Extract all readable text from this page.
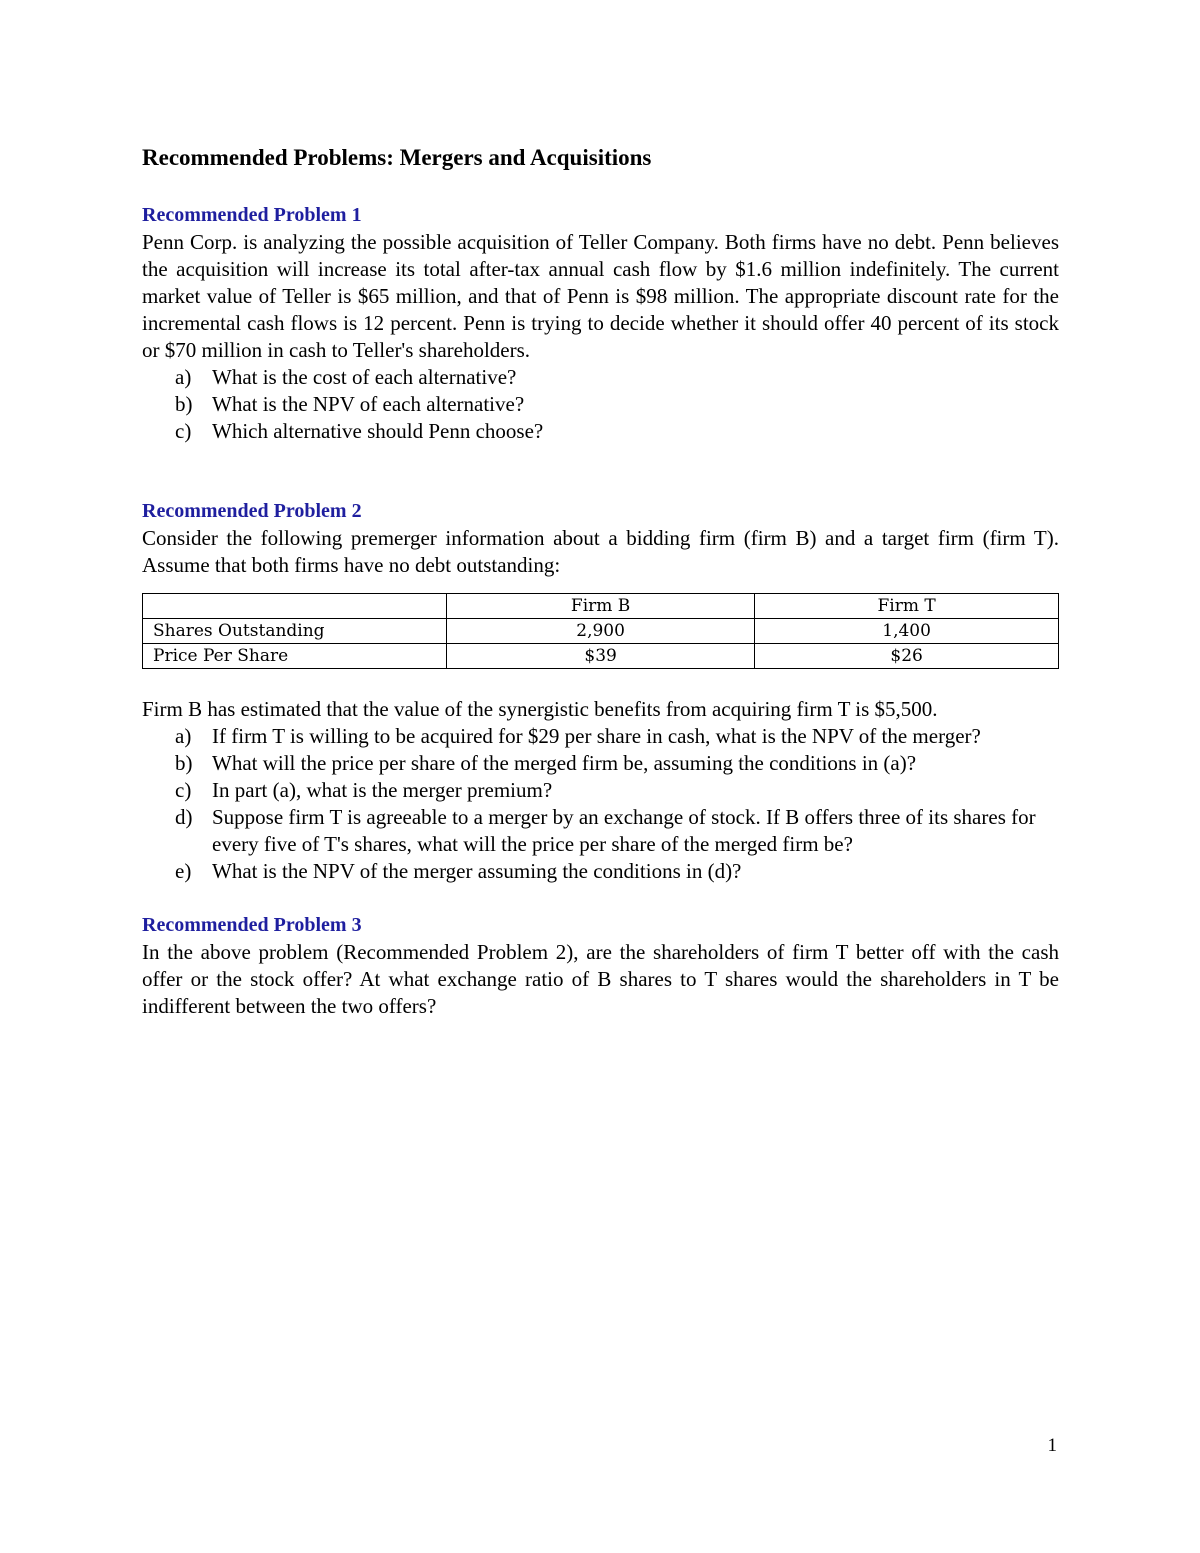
Recommended Problems: Mergers and Acquisitions
Recommended Problem 1

Penn Corp. is analyzing the possible acquisition of Teller Company. Both firms have no debt. Penn believes the acquisition will increase its total after-tax annual cash flow by $1.6 million indefinitely. The current market value of Teller is $65 million, and that of Penn is $98 million. The appropriate discount rate for the incremental cash flows is 12 percent. Penn is trying to decide whether it should offer 40 percent of its stock or $70 million in cash to Teller's shareholders.

a) What is the cost of each alternative?
b) What is the NPV of each alternative?
c) Which alternative should Penn choose?
Recommended Problem 2

Consider the following premerger information about a bidding firm (firm B) and a target firm (firm T). Assume that both firms have no debt outstanding:

	Firm B	Firm T
Shares Outstanding	2,900	1,400
Price Per Share	$39	$26

Firm B has estimated that the value of the synergistic benefits from acquiring firm T is $5,500.

a) If firm T is willing to be acquired for $29 per share in cash, what is the NPV of the merger?
b) What will the price per share of the merged firm be, assuming the conditions in (a)?
c) In part (a), what is the merger premium?
d) Suppose firm T is agreeable to a merger by an exchange of stock. If B offers three of its shares for every five of T's shares, what will the price per share of the merged firm be?
e) What is the NPV of the merger assuming the conditions in (d)?
Recommended Problem 3

In the above problem (Recommended Problem 2), are the shareholders of firm T better off with the cash offer or the stock offer? At what exchange ratio of B shares to T shares would the shareholders in T be indifferent between the two offers?

1
